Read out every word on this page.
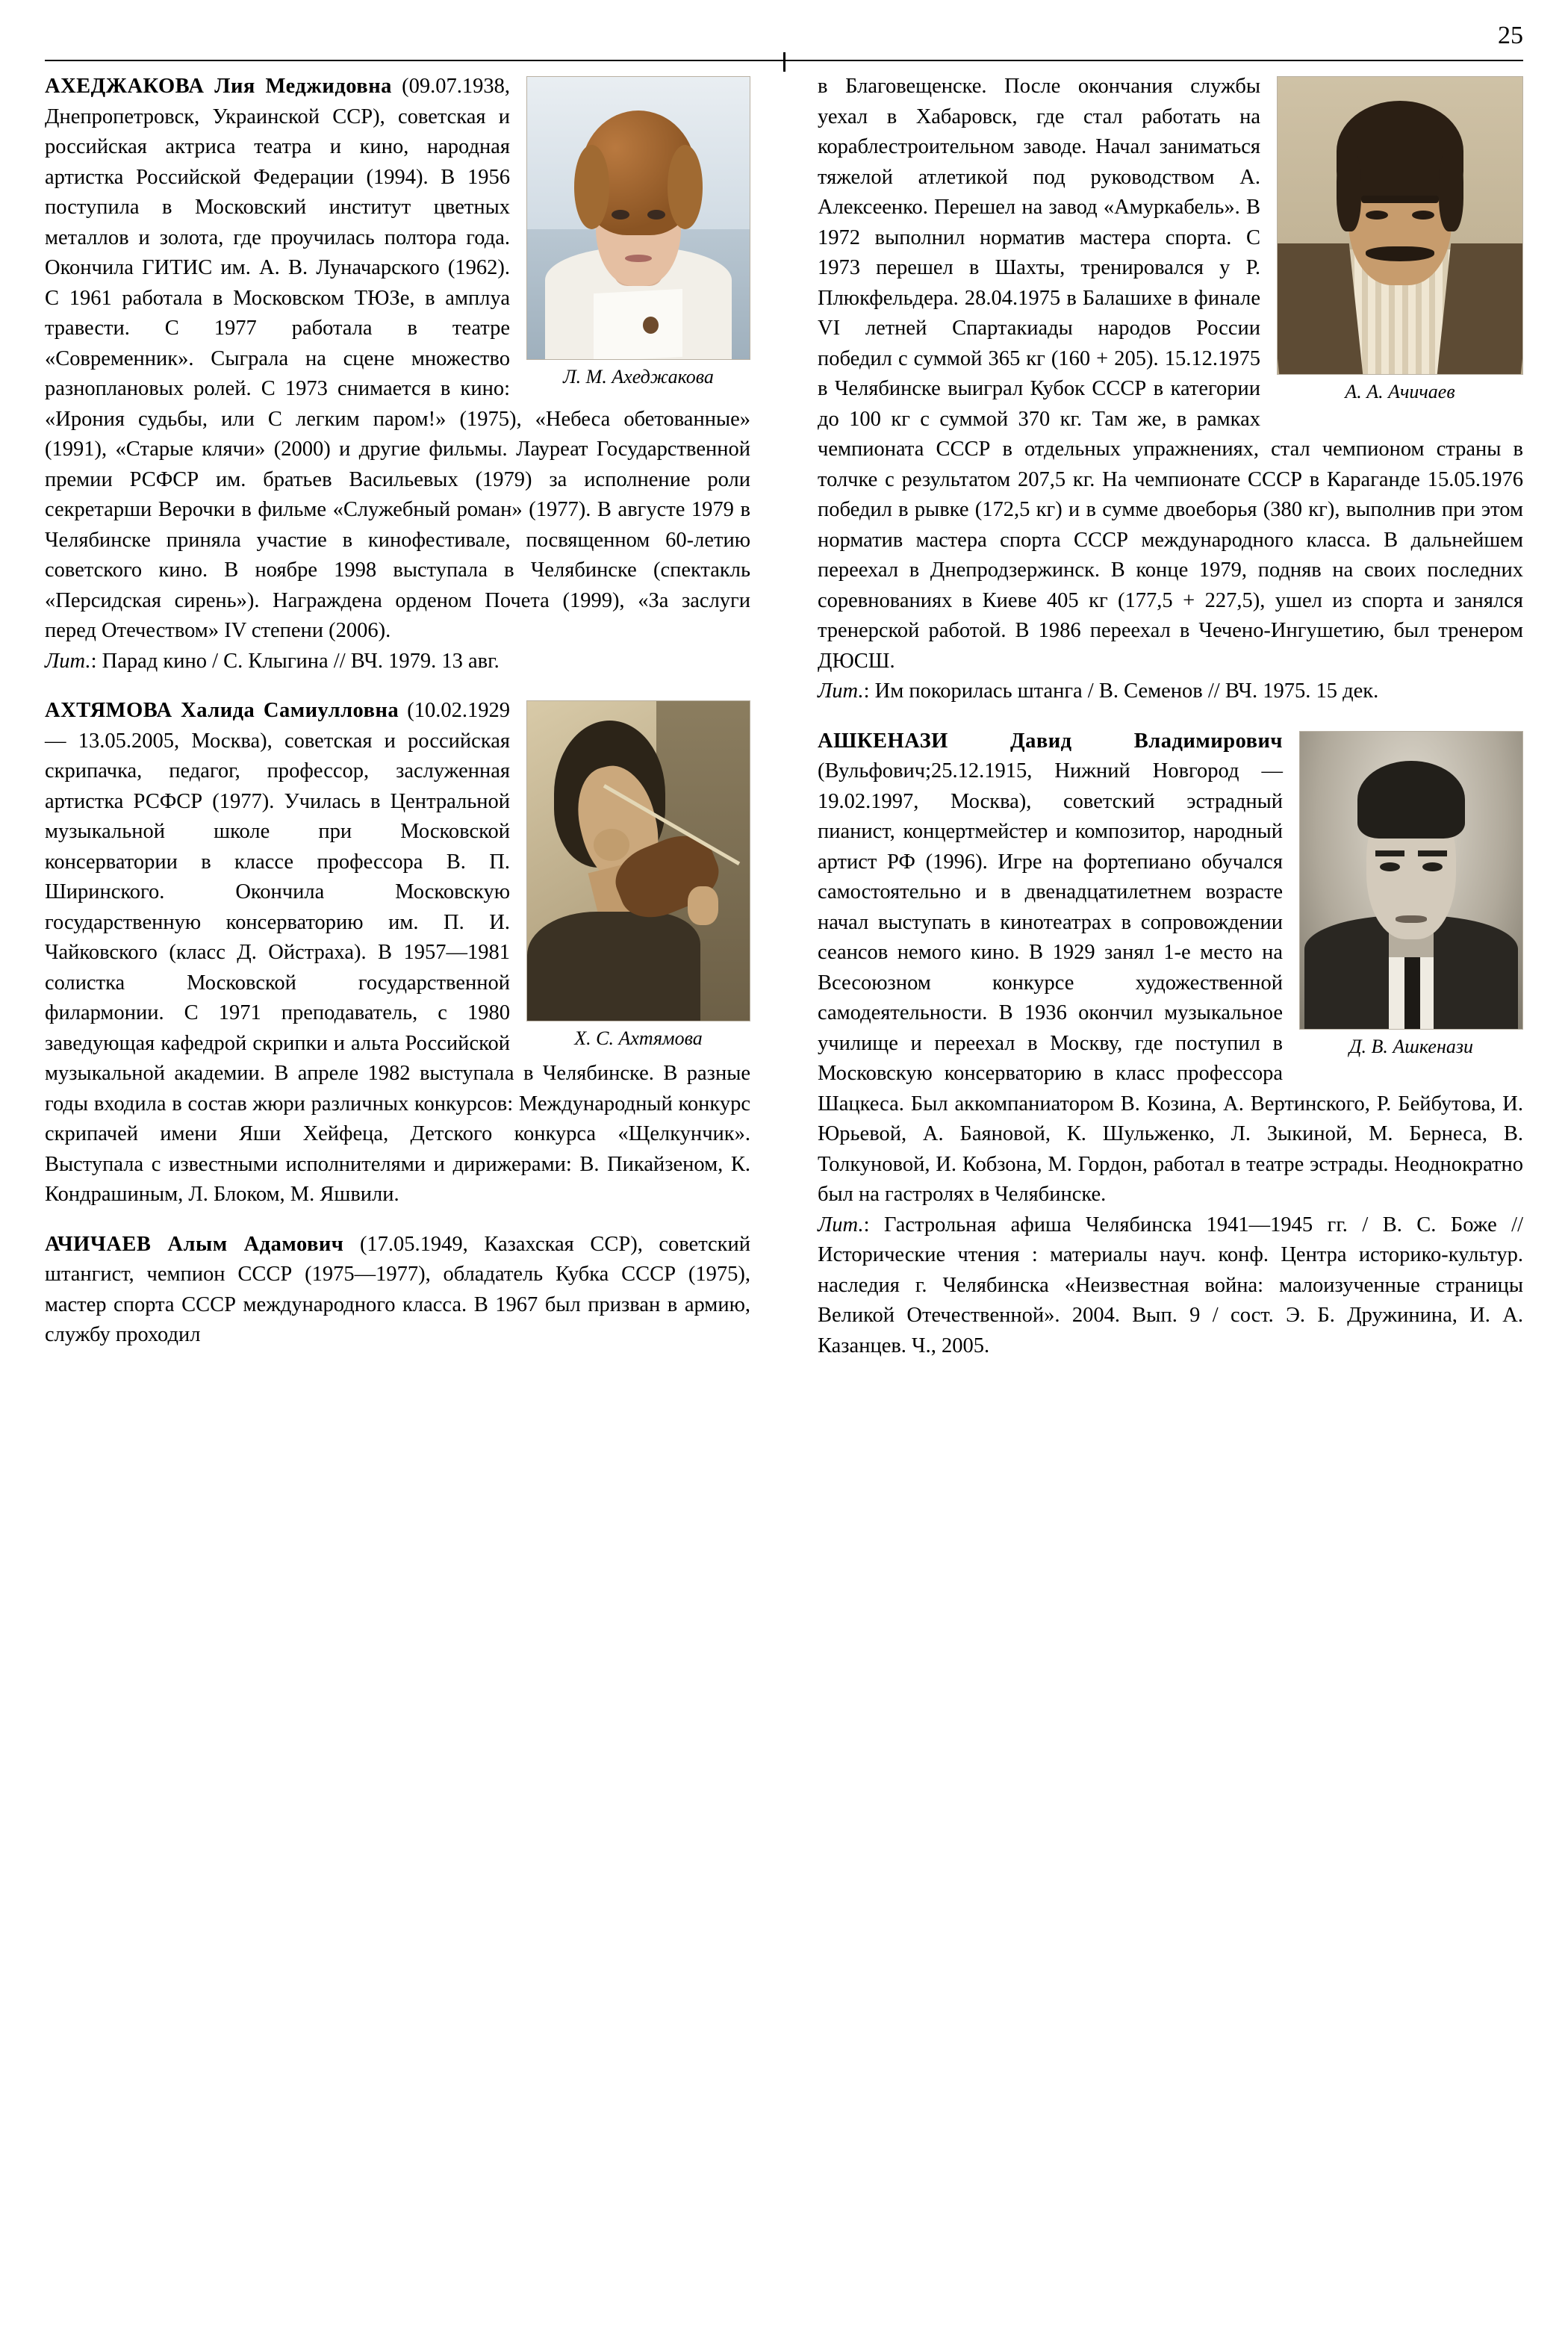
25
Л. М. Ахеджакова
АХЕДЖАКОВА Лия Меджидовна (09.07.1938, Днепропетровск, Украинской ССР), советская и российская актриса театра и кино, народная артистка Российской Федерации (1994). В 1956 поступила в Московский институт цветных металлов и золота, где проучилась полтора года. Окончила ГИТИС им. А. В. Луначарского (1962). С 1961 работала в Московском ТЮЗе, в амплуа травести. С 1977 работала в театре «Современник». Сыграла на сцене множество разноплановых ролей. С 1973 снимается в кино: «Ирония судьбы, или С легким паром!» (1975), «Небеса обетованные» (1991), «Старые клячи» (2000) и другие фильмы. Лауреат Государственной премии РСФСР им. братьев Васильевых (1979) за исполнение роли секретарши Верочки в фильме «Служебный роман» (1977). В августе 1979 в Челябинске приняла участие в кинофестивале, посвященном 60-летию советского кино. В ноябре 1998 выступала в Челябинске (спектакль «Персидская сирень»). Награждена орденом Почета (1999), «За заслуги перед Отечеством» IV степени (2006).
Лит.: Парад кино / С. Клыгина // ВЧ. 1979. 13 авг.
Х. С. Ахтямова
АХТЯМОВА Халида Самиулловна (10.02.1929 — 13.05.2005, Москва), советская и российская скрипачка, педагог, профессор, заслуженная артистка РСФСР (1977). Училась в Центральной музыкальной школе при Московской консерватории в классе профессора В. П. Ширинского. Окончила Московскую государственную консерваторию им. П. И. Чайковского (класс Д. Ойстраха). В 1957—1981 солистка Московской государственной филармонии. С 1971 преподаватель, с 1980 заведующая кафедрой скрипки и альта Российской музыкальной академии. В апреле 1982 выступала в Челябинске. В разные годы входила в состав жюри различных конкурсов: Международный конкурс скрипачей имени Яши Хейфеца, Детского конкурса «Щелкунчик». Выступала с известными исполнителями и дирижерами: В. Пикайзеном, К. Кондрашиным, Л. Блоком, М. Яшвили.
АЧИЧАЕВ Алым Адамович (17.05.1949, Казахская ССР), советский штангист, чемпион СССР (1975—1977), обладатель Кубка СССР (1975), мастер спорта СССР международного класса. В 1967 был призван в армию, службу проходил
А. А. Ачичаев
в Благовещенске. После окончания службы уехал в Хабаровск, где стал работать на кораблестроительном заводе. Начал заниматься тяжелой атлетикой под руководством А. Алексеенко. Перешел на завод «Амуркабель». В 1972 выполнил норматив мастера спорта. С 1973 перешел в Шахты, тренировался у Р. Плюкфельдера. 28.04.1975 в Балашихе в финале VI летней Спартакиады народов России победил с суммой 365 кг (160 + 205). 15.12.1975 в Челябинске выиграл Кубок СССР в категории до 100 кг с суммой 370 кг. Там же, в рамках чемпионата СССР в отдельных упражнениях, стал чемпионом страны в толчке с результатом 207,5 кг. На чемпионате СССР в Караганде 15.05.1976 победил в рывке (172,5 кг) и в сумме двоеборья (380 кг), выполнив при этом норматив мастера спорта СССР международного класса. В дальнейшем переехал в Днепродзержинск. В конце 1979, подняв на своих последних соревнованиях в Киеве 405 кг (177,5 + 227,5), ушел из спорта и занялся тренерской работой. В 1986 переехал в Чечено-Ингушетию, был тренером ДЮСШ.
Лит.: Им покорилась штанга / В. Семенов // ВЧ. 1975. 15 дек.
Д. В. Ашкенази
АШКЕНАЗИ Давид Владимирович (Вульфович;25.12.1915, Нижний Новгород — 19.02.1997, Москва), советский эстрадный пианист, концертмейстер и композитор, народный артист РФ (1996). Игре на фортепиано обучался самостоятельно и в двенадцатилетнем возрасте начал выступать в кинотеатрах в сопровождении сеансов немого кино. В 1929 занял 1-е место на Всесоюзном конкурсе художественной самодеятельности. В 1936 окончил музыкальное училище и переехал в Москву, где поступил в Московскую консерваторию в класс профессора Шацкеса. Был аккомпаниатором В. Козина, А. Вертинского, Р. Бейбутова, И. Юрьевой, А. Баяновой, К. Шульженко, Л. Зыкиной, М. Бернеса, В. Толкуновой, И. Кобзона, М. Гордон, работал в театре эстрады. Неоднократно был на гастролях в Челябинске.
Лит.: Гастрольная афиша Челябинска 1941—1945 гг. / В. С. Боже // Исторические чтения : материалы науч. конф. Центра историко-культур. наследия г. Челябинска «Неизвестная война: малоизученные страницы Великой Отечественной». 2004. Вып. 9 / сост. Э. Б. Дружинина, И. А. Казанцев. Ч., 2005.
